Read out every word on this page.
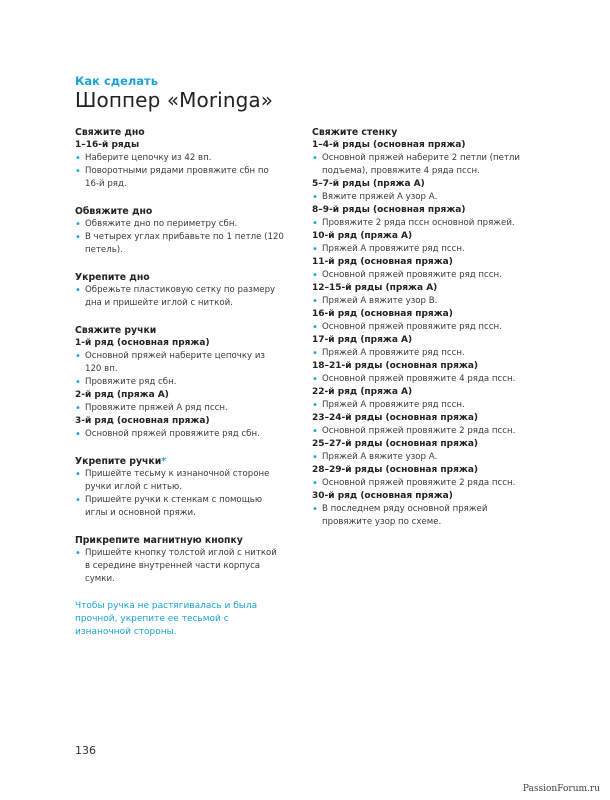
Как сделать
Шоппер «Moringa»
Свяжите дно
1–16-й ряды
• Наберите цепочку из 42 вп.
• Поворотными рядами провяжите сбн по 16-й ряд.
Обвяжите дно
• Обвяжите дно по периметру сбн.
• В четырех углах прибавьте по 1 петле (120 петель).
Укрепите дно
• Обрежьте пластиковую сетку по размеру дна и пришейте иглой с ниткой.
Свяжите ручки
1-й ряд (основная пряжа)
• Основной пряжей наберите цепочку из 120 вп.
• Провяжите ряд сбн.
2-й ряд (пряжа А)
• Провяжите пряжей А ряд пссн.
3-й ряд (основная пряжа)
• Основной пряжей провяжите ряд сбн.
Укрепите ручки*
• Пришейте тесьму к изнаночной стороне ручки иглой с нитью.
• Пришейте ручки к стенкам с помощью иглы и основной пряжи.
Прикрепите магнитную кнопку
• Пришейте кнопку толстой иглой с ниткой в середине внутренней части корпуса сумки.
Чтобы ручка не растягивалась и была прочной, укрепите ее тесьмой с изнаночной стороны.
Свяжите стенку
1–4-й ряды (основная пряжа)
• Основной пряжей наберите 2 петли (петли подъема), провяжите 4 ряда пссн.
5–7-й ряды (пряжа А)
• Вяжите пряжей А узор А.
8–9-й ряды (основная пряжа)
• Провяжите 2 ряда пссн основной пряжей.
10-й ряд (пряжа А)
• Пряжей А провяжите ряд пссн.
11-й ряд (основная пряжа)
• Основной пряжей провяжите ряд пссн.
12–15-й ряды (пряжа А)
• Пряжей А вяжите узор В.
16-й ряд (основная пряжа)
• Основной пряжей провяжите ряд пссн.
17-й ряд (пряжа А)
• Пряжей А провяжите ряд пссн.
18–21-й ряды (основная пряжа)
• Основной пряжей провяжите 4 ряда пссн.
22-й ряд (пряжа А)
• Пряжей А провяжите ряд пссн.
23–24-й ряды (основная пряжа)
• Основной пряжей провяжите 2 ряда пссн.
25–27-й ряды (основная пряжа)
• Пряжей А вяжите узор А.
28–29-й ряды (основная пряжа)
• Основной пряжей провяжите 2 ряда пссн.
30-й ряд (основная пряжа)
• В последнем ряду основной пряжей провяжите узор по схеме.
136
PassionForum.ru
